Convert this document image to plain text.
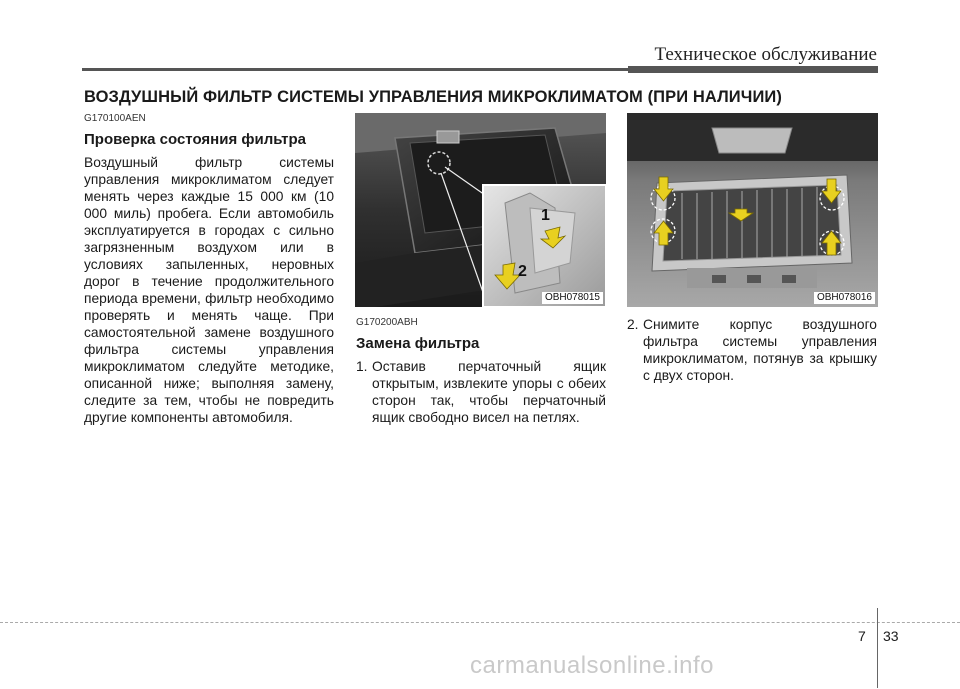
Техническое обслуживание
ВОЗДУШНЫЙ ФИЛЬТР СИСТЕМЫ УПРАВЛЕНИЯ МИКРОКЛИМАТОМ (ПРИ НАЛИЧИИ)

G170100AEN

Проверка состояния фильтра

Воздушный фильтр системы управления микроклиматом следует менять через каждые 15 000 км (10 000 миль) пробега. Если автомобиль эксплуатируется в городах с сильно загрязненным воздухом или в условиях запыленных, неровных дорог в течение продолжительного периода времени, фильтр необходимо проверять и менять чаще. При самостоятельной замене воздушного фильтра системы управления микроклиматом следуйте методике, описанной ниже; выполняя замену, следите за тем, чтобы не повредить другие компоненты автомобиля.

1
2
OBH078015

G170200ABH

Замена фильтра

1. Оставив перчаточный ящик открытым, извлеките упоры с обеих сторон так, чтобы перчаточный ящик свободно висел на петлях.
OBH078016
2. Снимите корпус воздушного фильтра системы управления микроклиматом, потянув за крышку с двух сторон.
7 33
carmanualsonline.info
